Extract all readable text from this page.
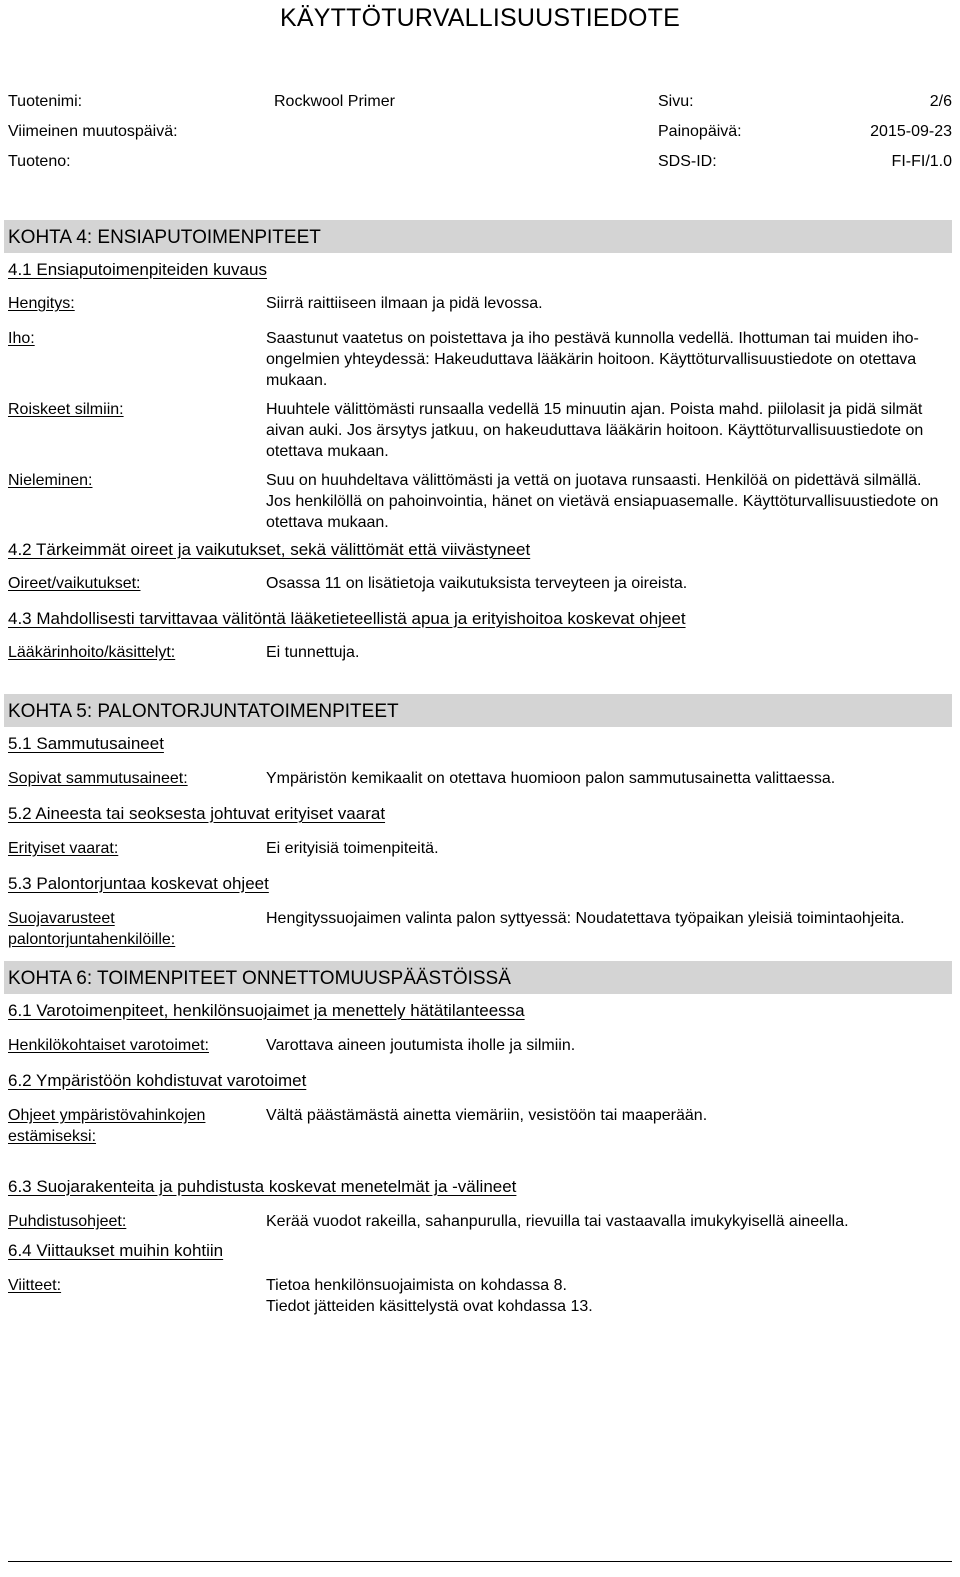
KÄYTTÖTURVALLISUUSTIEDOTE
Tuotenimi:	Rockwool Primer	Sivu:	2/6
Viimeinen muutospäivä:	Painopäivä:	2015-09-23
Tuoteno:	SDS-ID:	FI-FI/1.0
KOHTA 4: ENSIAPUTOIMENPITEET
4.1 Ensiaputoimenpiteiden kuvaus
Hengitys:	Siirrä raittiiseen ilmaan ja pidä levossa.
Iho:	Saastunut vaatetus on poistettava ja iho pestävä kunnolla vedellä. Ihottuman tai muiden iho-ongelmien yhteydessä: Hakeuduttava lääkärin hoitoon. Käyttöturvallisuustiedote on otettava mukaan.
Roiskeet silmiin:	Huuhtele välittömästi runsaalla vedellä 15 minuutin ajan. Poista mahd. piilolasit ja pidä silmät aivan auki. Jos ärsytys jatkuu, on hakeuduttava lääkärin hoitoon. Käyttöturvallisuustiedote on otettava mukaan.
Nieleminen:	Suu on huuhdeltava välittömästi ja vettä on juotava runsaasti. Henkilöä on pidettävä silmällä. Jos henkilöllä on pahoinvointia, hänet on vietävä ensiapuasemalle. Käyttöturvallisuustiedote on otettava mukaan.
4.2 Tärkeimmät oireet ja vaikutukset, sekä välittömät että viivästyneet
Oireet/vaikutukset:	Osassa 11 on lisätietoja vaikutuksista terveyteen ja oireista.
4.3 Mahdollisesti tarvittavaa välitöntä lääketieteellistä apua ja erityishoitoa koskevat ohjeet
Lääkärinhoito/käsittelyt:	Ei tunnettuja.
KOHTA 5: PALONTORJUNTATOIMENPITEET
5.1 Sammutusaineet
Sopivat sammutusaineet:	Ympäristön kemikaalit on otettava huomioon palon sammutusainetta valittaessa.
5.2 Aineesta tai seoksesta johtuvat erityiset vaarat
Erityiset vaarat:	Ei erityisiä toimenpiteitä.
5.3 Palontorjuntaa koskevat ohjeet
Suojavarusteet palontorjuntahenkilöille:
Hengityssuojaimen valinta palon syttyessä: Noudatettava työpaikan yleisiä toimintaohjeita.
KOHTA 6: TOIMENPITEET ONNETTOMUUSPÄÄSTÖISSÄ
6.1 Varotoimenpiteet, henkilönsuojaimet ja menettely hätätilanteessa
Henkilökohtaiset varotoimet:	Varottava aineen joutumista iholle ja silmiin.
6.2 Ympäristöön kohdistuvat varotoimet
Ohjeet ympäristövahinkojen estämiseksi:
Vältä päästämästä ainetta viemäriin, vesistöön tai maaperään.
6.3 Suojarakenteita ja puhdistusta koskevat menetelmät ja -välineet
Puhdistusohjeet:	Kerää vuodot rakeilla, sahanpurulla, rievuilla tai vastaavalla imukykyisellä aineella.
6.4 Viittaukset muihin kohtiin
Viitteet:	Tietoa henkilönsuojaimista on kohdassa 8.
Tiedot jätteiden käsittelystä ovat kohdassa 13.
